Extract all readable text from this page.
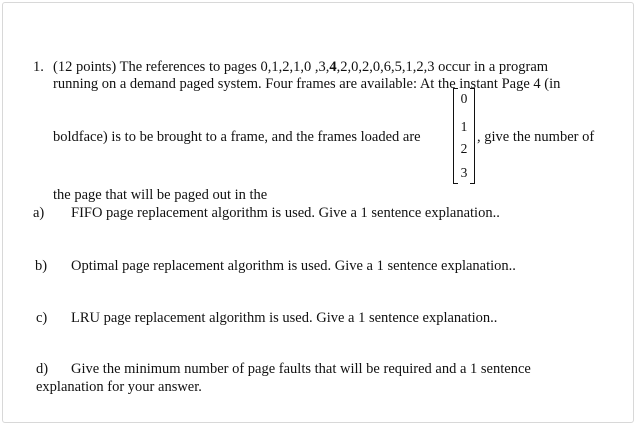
1. (12 points) The references to pages 0,1,2,1,0 ,3,4,2,0,2,0,6,5,1,2,3 occur in a program
running on a demand paged system. Four frames are available: At the instant Page 4 (in
boldface) is to be brought to a frame, and the frames loaded are
0
1
2
3
, give the number of
the page that will be paged out in the
a) FIFO page replacement algorithm is used. Give a 1 sentence explanation..
b) Optimal page replacement algorithm is used. Give a 1 sentence explanation..
c) LRU page replacement algorithm is used. Give a 1 sentence explanation..
d) Give the minimum number of page faults that will be required and a 1 sentence
explanation for your answer.
